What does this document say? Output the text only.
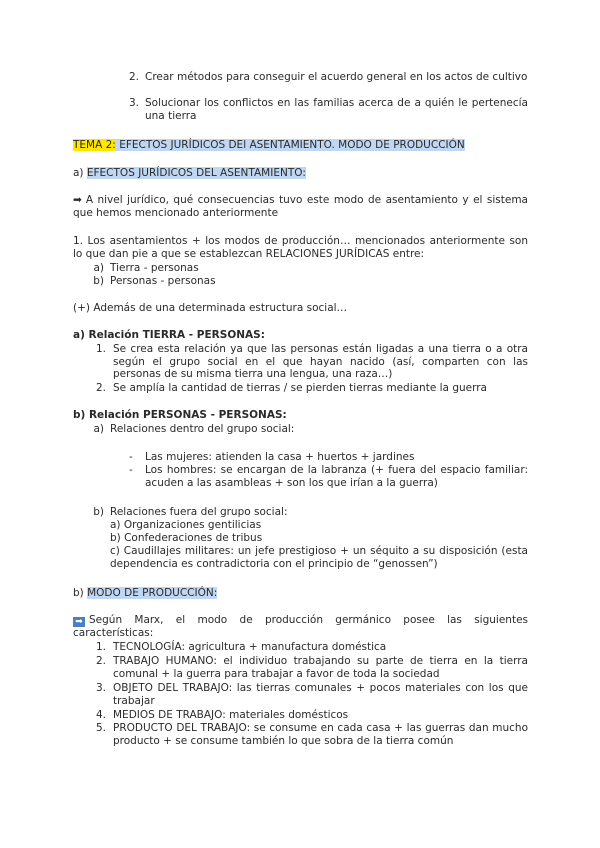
2. Crear métodos para conseguir el acuerdo general en los actos de cultivo
3. Solucionar los conflictos en las familias acerca de a quién le pertenecía una tierra
TEMA 2: EFECTOS JURÍDICOS DEl ASENTAMIENTO. MODO DE PRODUCCIÓN
a) EFECTOS JURÍDICOS DEL ASENTAMIENTO:
➡ A nivel jurídico, qué consecuencias tuvo este modo de asentamiento y el sistema que hemos mencionado anteriormente
1. Los asentamientos + los modos de producción… mencionados anteriormente son lo que dan pie a que se establezcan RELACIONES JURÍDICAS entre:
a) Tierra - personas
b) Personas - personas
(+) Además de una determinada estructura social…
a) Relación TIERRA - PERSONAS:
1. Se crea esta relación ya que las personas están ligadas a una tierra o a otra según el grupo social en el que hayan nacido (así, comparten con las personas de su misma tierra una lengua, una raza…)
2. Se amplía la cantidad de tierras / se pierden tierras mediante la guerra
b) Relación PERSONAS - PERSONAS:
a) Relaciones dentro del grupo social:
- Las mujeres: atienden la casa + huertos + jardines
- Los hombres: se encargan de la labranza (+ fuera del espacio familiar: acuden a las asambleas + son los que irían a la guerra)
b) Relaciones fuera del grupo social:
a) Organizaciones gentilicias
b) Confederaciones de tribus
c) Caudillajes militares: un jefe prestigioso + un séquito a su disposición (esta dependencia es contradictoria con el principio de “genossen”)
b) MODO DE PRODUCCIÓN:
➡ Según Marx, el modo de producción germánico posee las siguientes características:
1. TECNOLOGÍA: agricultura + manufactura doméstica
2. TRABAJO HUMANO: el individuo trabajando su parte de tierra en la tierra comunal + la guerra para trabajar a favor de toda la sociedad
3. OBJETO DEL TRABAJO: las tierras comunales + pocos materiales con los que trabajar
4. MEDIOS DE TRABAJO: materiales domésticos
5. PRODUCTO DEL TRABAJO: se consume en cada casa + las guerras dan mucho producto + se consume también lo que sobra de la tierra común
